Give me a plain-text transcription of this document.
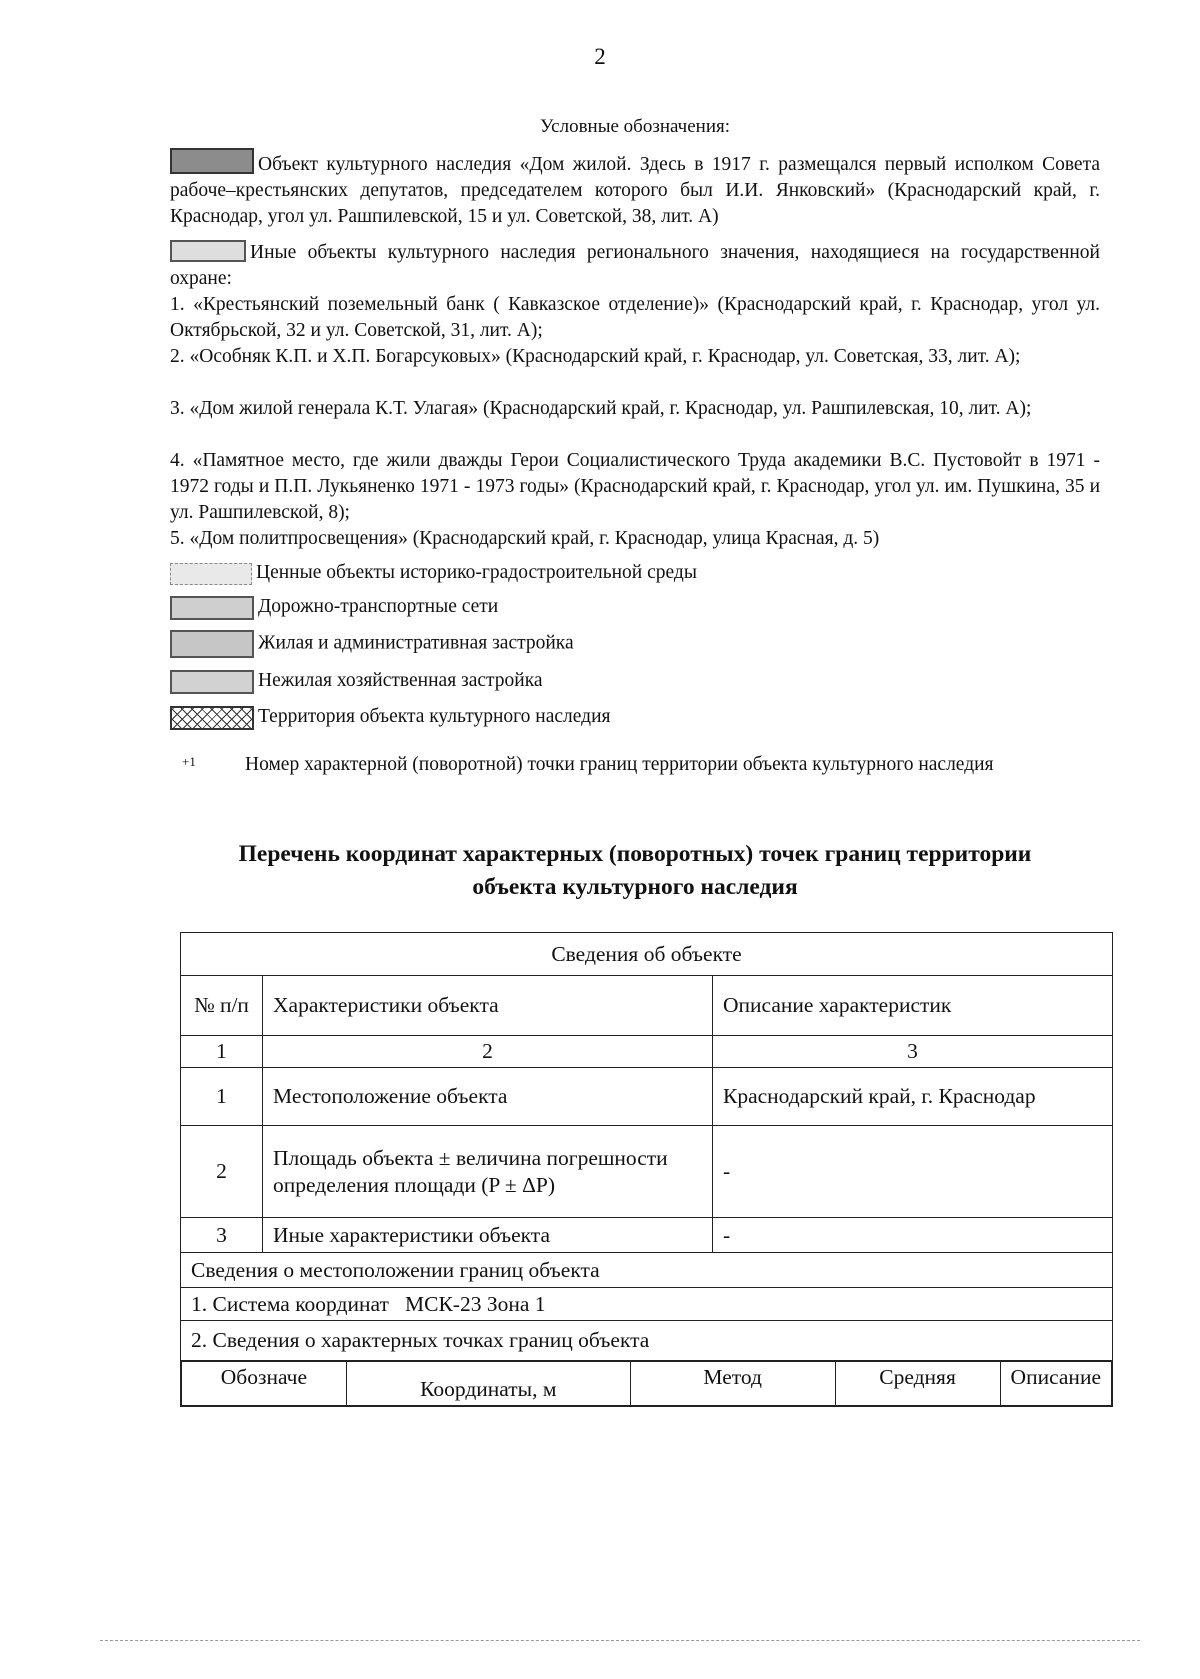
2
Условные обозначения:

Объект культурного наследия «Дом жилой. Здесь в 1917 г. размещался первый исполком Совета рабоче–крестьянских депутатов, председателем которого был И.И. Янковский» (Краснодарский край, г. Краснодар, угол ул. Рашпилевской, 15 и ул. Советской, 38, лит. А)

Иные объекты культурного наследия регионального значения, находящиеся на государственной охране:

1. «Крестьянский поземельный банк ( Кавказское отделение)» (Краснодарский край, г. Краснодар, угол ул. Октябрьской, 32 и ул. Советской, 31, лит. А);

2. «Особняк К.П. и Х.П. Богарсуковых» (Краснодарский край, г. Краснодар, ул. Советская, 33, лит. А);

3. «Дом жилой генерала К.Т. Улагая» (Краснодарский край, г. Краснодар, ул. Рашпилевская, 10, лит. А);

4. «Памятное место, где жили дважды Герои Социалистического Труда академики В.С. Пустовойт в 1971 - 1972 годы и П.П. Лукьяненко 1971 - 1973 годы» (Краснодарский край, г. Краснодар, угол ул. им. Пушкина, 35 и ул. Рашпилевской, 8);

5. «Дом политпросвещения» (Краснодарский край, г. Краснодар, улица Красная, д. 5)

Ценные объекты историко-градостроительной среды
Дорожно-транспортные сети
Жилая и административная застройка
Нежилая хозяйственная застройка
Территория объекта культурного наследия
+1	Номер характерной (поворотной) точки границ территории объекта культурного наследия
Перечень координат характерных (поворотных) точек границ территории
объекта культурного наследия
Сведения об объекте
№ п/п	Характеристики объекта	Описание характеристик
1	2	3
1	Местоположение объекта	Краснодарский край, г. Краснодар
2	Площадь объекта ± величина погрешности определения площади (P ± ΔP)	-
3	Иные характеристики объекта	-
Сведения о местоположении границ объекта
1. Система координат   МСК-23 Зона 1
2. Сведения о характерных точках границ объекта

Обозначе	Координаты, м	Метод	Средняя	Описание
